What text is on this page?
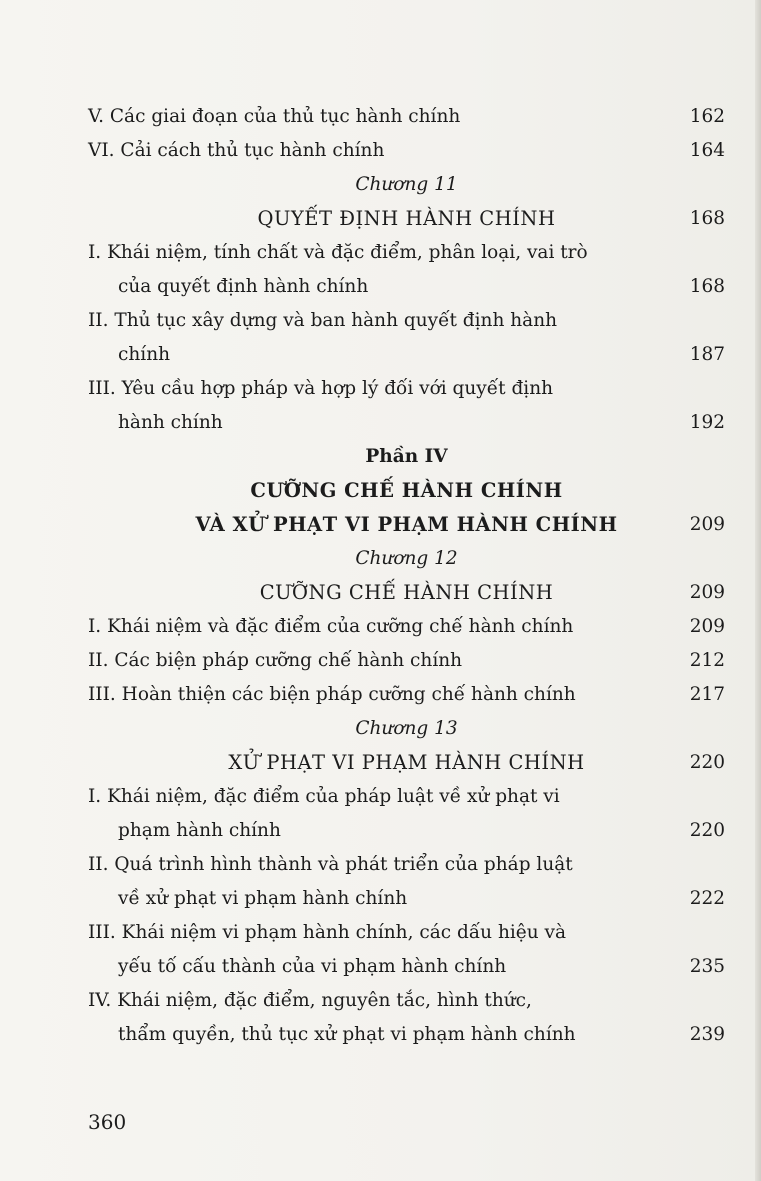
V. Các giai đoạn của thủ tục hành chính	162
VI. Cải cách thủ tục hành chính	164
Chương 11
QUYẾT ĐỊNH HÀNH CHÍNH	168
I. Khái niệm, tính chất và đặc điểm, phân loại, vai trò
của quyết định hành chính	168
II. Thủ tục xây dựng và ban hành quyết định hành
chính	187
III. Yêu cầu hợp pháp và hợp lý đối với quyết định
hành chính	192
Phần IV
CƯỠNG CHẾ HÀNH CHÍNH
VÀ XỬ PHẠT VI PHẠM HÀNH CHÍNH	209
Chương 12
CƯỠNG CHẾ HÀNH CHÍNH	209
I. Khái niệm và đặc điểm của cưỡng chế hành chính	209
II. Các biện pháp cưỡng chế hành chính	212
III. Hoàn thiện các biện pháp cưỡng chế hành chính	217
Chương 13
XỬ PHẠT VI PHẠM HÀNH CHÍNH	220
I. Khái niệm, đặc điểm của pháp luật về xử phạt vi
phạm hành chính	220
II. Quá trình hình thành và phát triển của pháp luật
về xử phạt vi phạm hành chính	222
III. Khái niệm vi phạm hành chính, các dấu hiệu và
yếu tố cấu thành của vi phạm hành chính	235
IV. Khái niệm, đặc điểm, nguyên tắc, hình thức,
thẩm quyền, thủ tục xử phạt vi phạm hành chính	239
360
